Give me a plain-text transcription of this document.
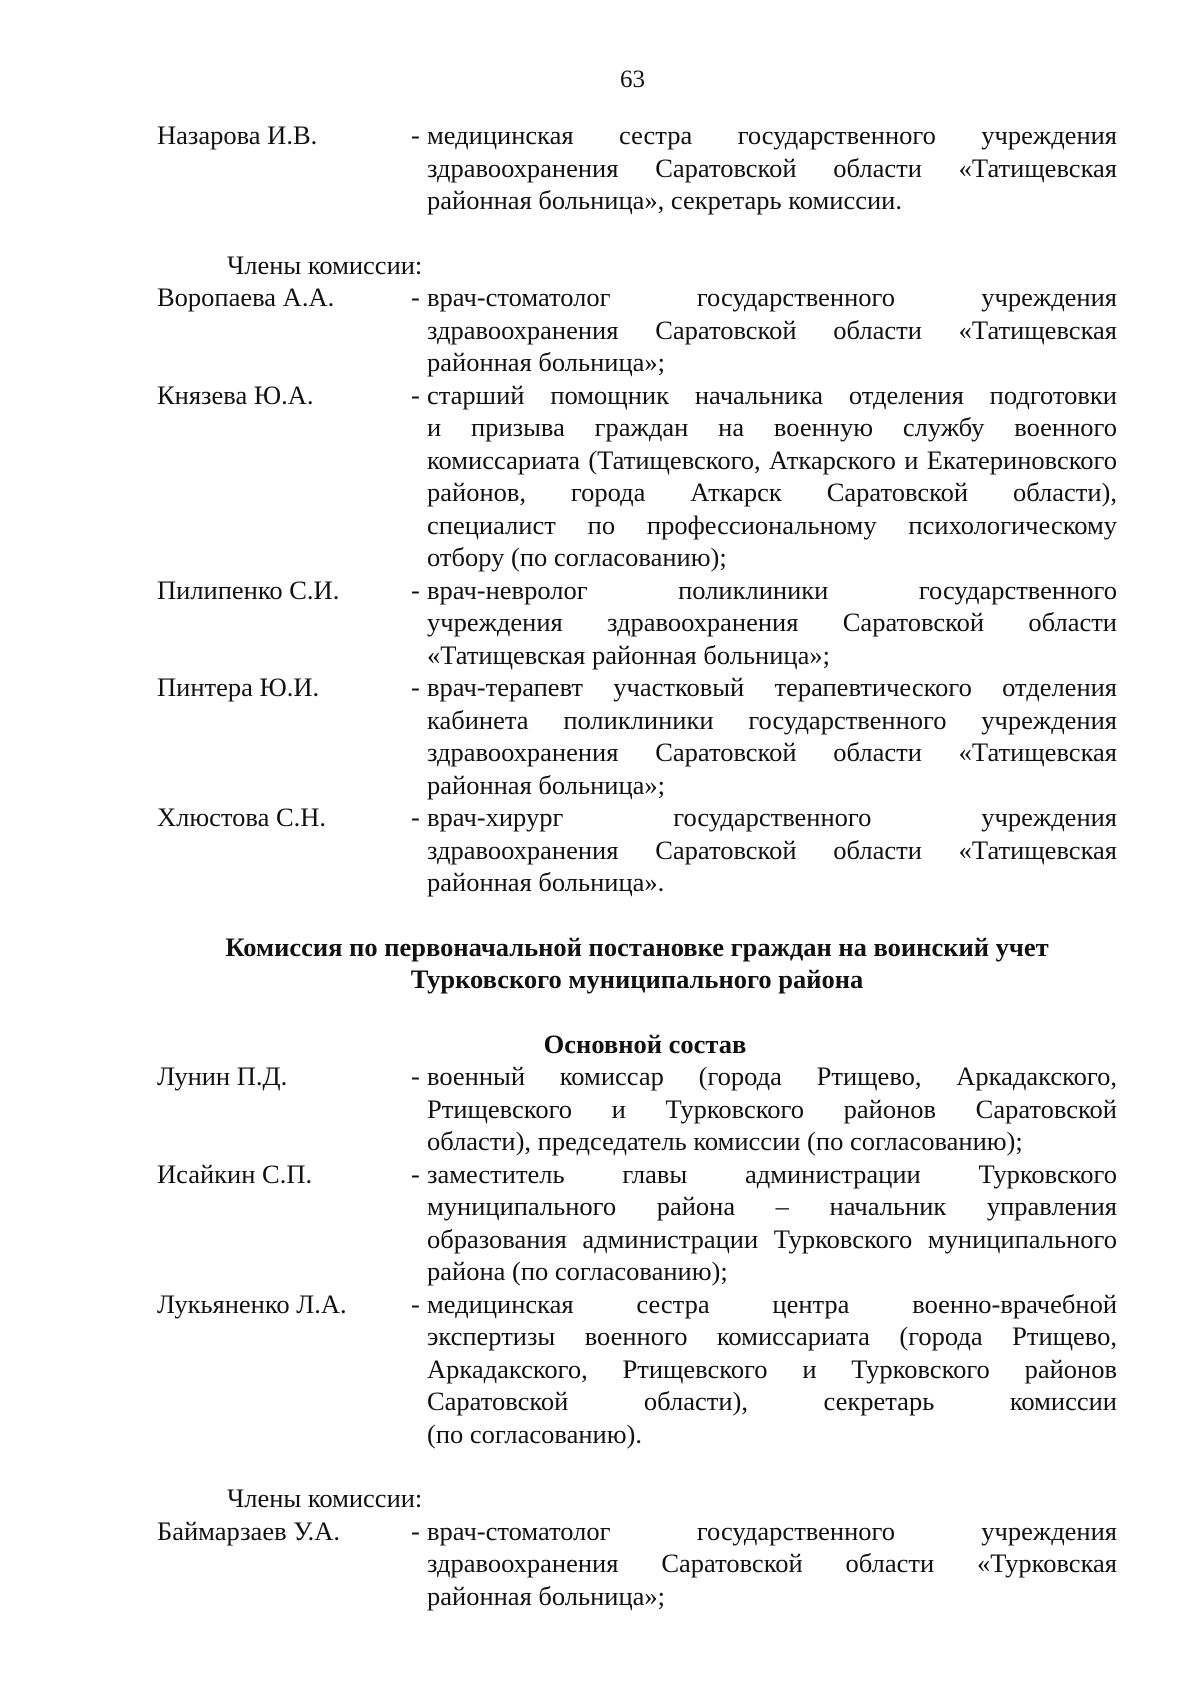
63
Назарова И.В.	- медицинская сестра государственного учреждения
здравоохранения Саратовской области «Татищевская
районная больница», секретарь комиссии.
Члены комиссии:
Воропаева А.А.	- врач-стоматолог государственного учреждения
здравоохранения Саратовской области «Татищевская
районная больница»;
Князева Ю.А.	- старший помощник начальника отделения подготовки
и призыва граждан на военную службу военного
комиссариата (Татищевского, Аткарского и Екатериновского
районов, города Аткарск Саратовской области),
специалист по профессиональному психологическому
отбору (по согласованию);
Пилипенко С.И.	- врач-невролог поликлиники государственного
учреждения здравоохранения Саратовской области
«Татищевская районная больница»;
Пинтера Ю.И.	- врач-терапевт участковый терапевтического отделения
кабинета поликлиники государственного учреждения
здравоохранения Саратовской области «Татищевская
районная больница»;
Хлюстова С.Н.	- врач-хирург государственного учреждения
здравоохранения Саратовской области «Татищевская
районная больница».
Комиссия по первоначальной постановке граждан на воинский учет
Турковского муниципального района
Основной состав
Лунин П.Д.	- военный комиссар (города Ртищево, Аркадакского,
Ртищевского и Турковского районов Саратовской
области), председатель комиссии (по согласованию);
Исайкин С.П.	- заместитель главы администрации Турковского
муниципального района – начальник управления
образования администрации Турковского муниципального
района (по согласованию);
Лукьяненко Л.А.	- медицинская сестра центра военно-врачебной
экспертизы военного комиссариата (города Ртищево,
Аркадакского, Ртищевского и Турковского районов
Саратовской области), секретарь комиссии
(по согласованию).
Члены комиссии:
Баймарзаев У.А.	- врач-стоматолог государственного учреждения
здравоохранения Саратовской области «Турковская
районная больница»;
